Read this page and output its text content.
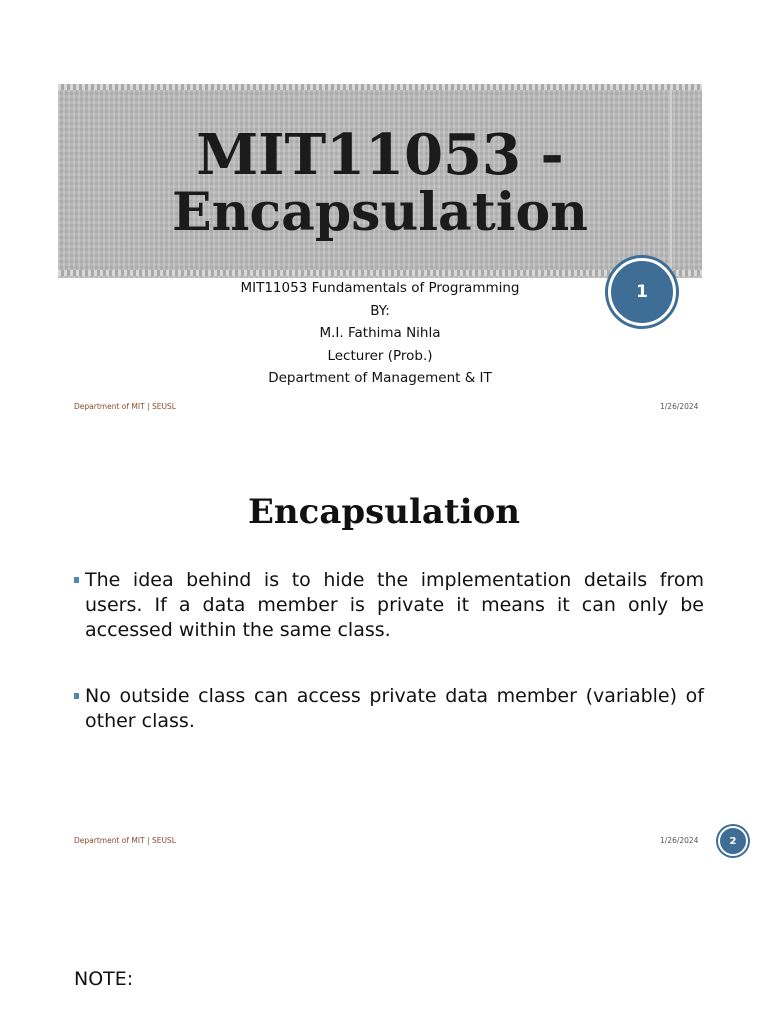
MIT11053 -
Encapsulation
1
MIT11053 Fundamentals of Programming
BY:
M.I. Fathima Nihla
Lecturer (Prob.)
Department of Management & IT
Department of MIT | SEUSL	1/26/2024
Encapsulation
The idea behind is to hide the implementation details from users. If a data member is private it means it can only be accessed within the same class.
No outside class can access private data member (variable) of other class.
Department of MIT | SEUSL	1/26/2024	2
NOTE:
